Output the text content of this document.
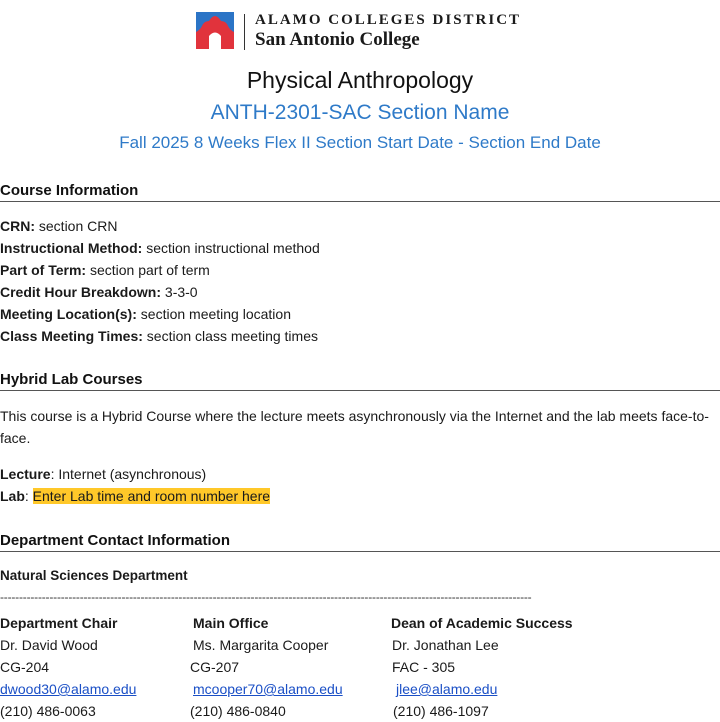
ALAMO COLLEGES DISTRICT
San Antonio College
Physical Anthropology
ANTH-2301-SAC Section Name
Fall 2025 8 Weeks Flex II Section Start Date - Section End Date
Course Information
CRN: section CRN
Instructional Method: section instructional method
Part of Term: section part of term
Credit Hour Breakdown: 3-3-0
Meeting Location(s): section meeting location
Class Meeting Times: section class meeting times
Hybrid Lab Courses
This course is a Hybrid Course where the lecture meets asynchronously via the Internet and the lab meets face-to-face.
Lecture: Internet (asynchronous)
Lab: Enter Lab time and room number here
Department Contact Information
Natural Sciences Department
--------------------------------------------------------------------------------------------------------------------------------------------
Department Chair
Dr. David Wood
CG-204
dwood30@alamo.edu
(210) 486-0063
Main Office
Ms. Margarita Cooper
CG-207
mcooper70@alamo.edu
(210) 486-0840
Dean of Academic Success
Dr. Jonathan Lee
FAC - 305
jlee@alamo.edu
(210) 486-1097
